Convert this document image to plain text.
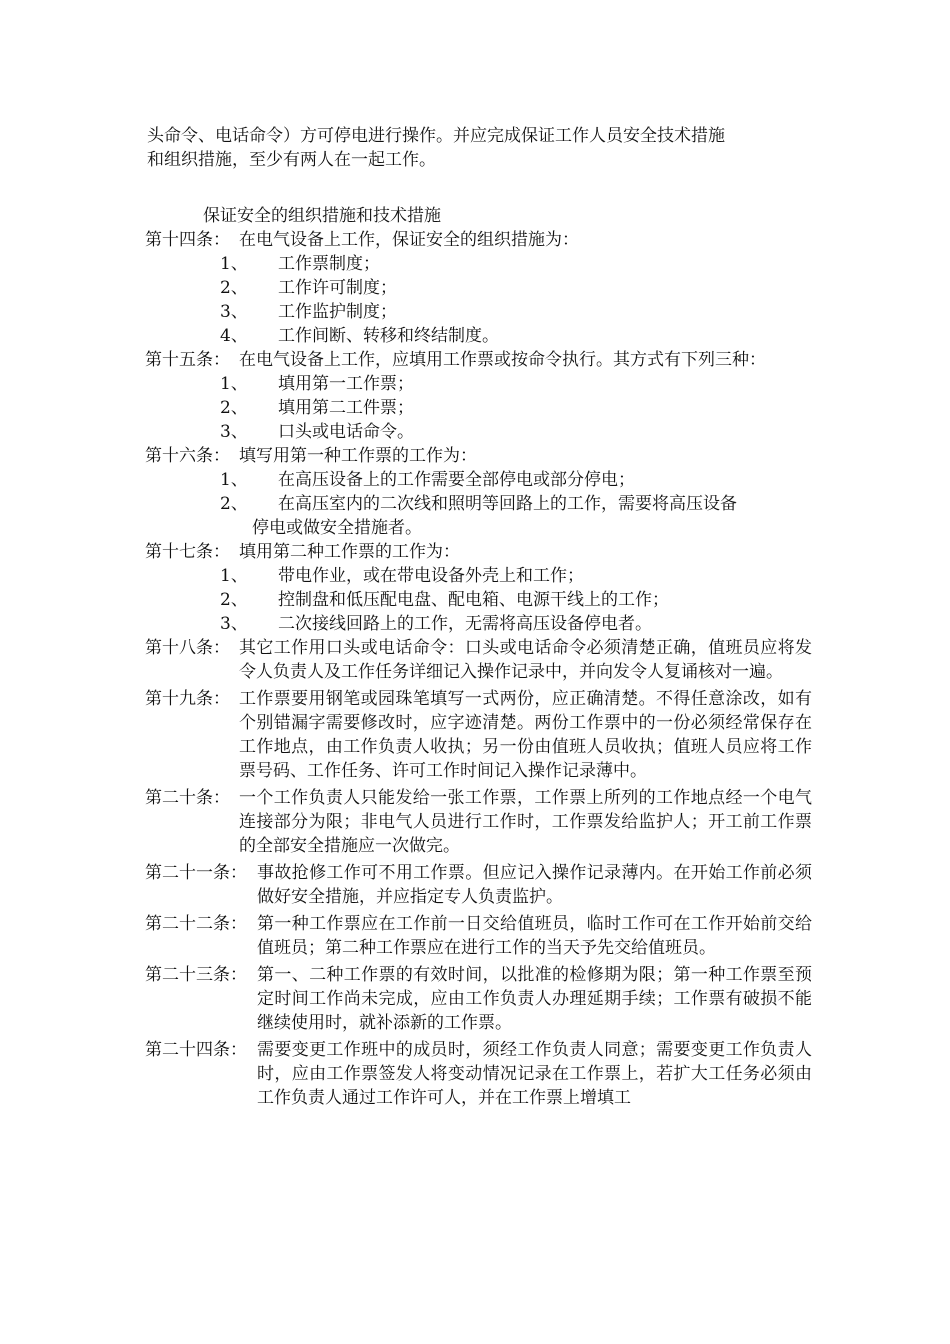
头命令、电话命令）方可停电进行操作。并应完成保证工作人员安全技术措施

和组织措施，至少有两人在一起工作。

保证安全的组织措施和技术措施
第十四条： 在电气设备上工作，保证安全的组织措施为：

1、 工作票制度；

2、 工作许可制度；

3、 工作监护制度；

4、 工作间断、转移和终结制度。

第十五条： 在电气设备上工作，应填用工作票或按命令执行。其方式有下列三种：

1、 填用第一工作票；

2、 填用第二工件票；

3、 口头或电话命令。

第十六条： 填写用第一种工作票的工作为：

1、 在高压设备上的工作需要全部停电或部分停电；

2、 在高压室内的二次线和照明等回路上的工作，需要将高压设备
停电或做安全措施者。

第十七条： 填用第二种工作票的工作为：

1、 带电作业，或在带电设备外壳上和工作；

2、 控制盘和低压配电盘、配电箱、电源干线上的工作；

3、 二次接线回路上的工作，无需将高压设备停电者。

第十八条： 其它工作用口头或电话命令：口头或电话命令必须清楚正确，值班员应将发令人负责人及工作任务详细记入操作记录中，并向发令人复诵核对一遍。

第十九条： 工作票要用钢笔或园珠笔填写一式两份，应正确清楚。不得任意涂改，如有个别错漏字需要修改时，应字迹清楚。两份工作票中的一份必须经常保存在工作地点，由工作负责人收执；另一份由值班人员收执；值班人员应将工作票号码、工作任务、许可工作时间记入操作记录薄中。

第二十条： 一个工作负责人只能发给一张工作票，工作票上所列的工作地点经一个电气连接部分为限；非电气人员进行工作时，工作票发给监护人；开工前工作票的全部安全措施应一次做完。

第二十一条： 事故抢修工作可不用工作票。但应记入操作记录薄内。在开始工作前必须做好安全措施，并应指定专人负责监护。

第二十二条： 第一种工作票应在工作前一日交给值班员，临时工作可在工作开始前交给值班员；第二种工作票应在进行工作的当天予先交给值班员。

第二十三条： 第一、二种工作票的有效时间，以批准的检修期为限；第一种工作票至预定时间工作尚未完成，应由工作负责人办理延期手续；工作票有破损不能继续使用时，就补添新的工作票。

第二十四条： 需要变更工作班中的成员时，须经工作负责人同意；需要变更工作负责人时，应由工作票签发人将变动情况记录在工作票上，若扩大工任务必须由工作负责人通过工作许可人，并在工作票上增填工
